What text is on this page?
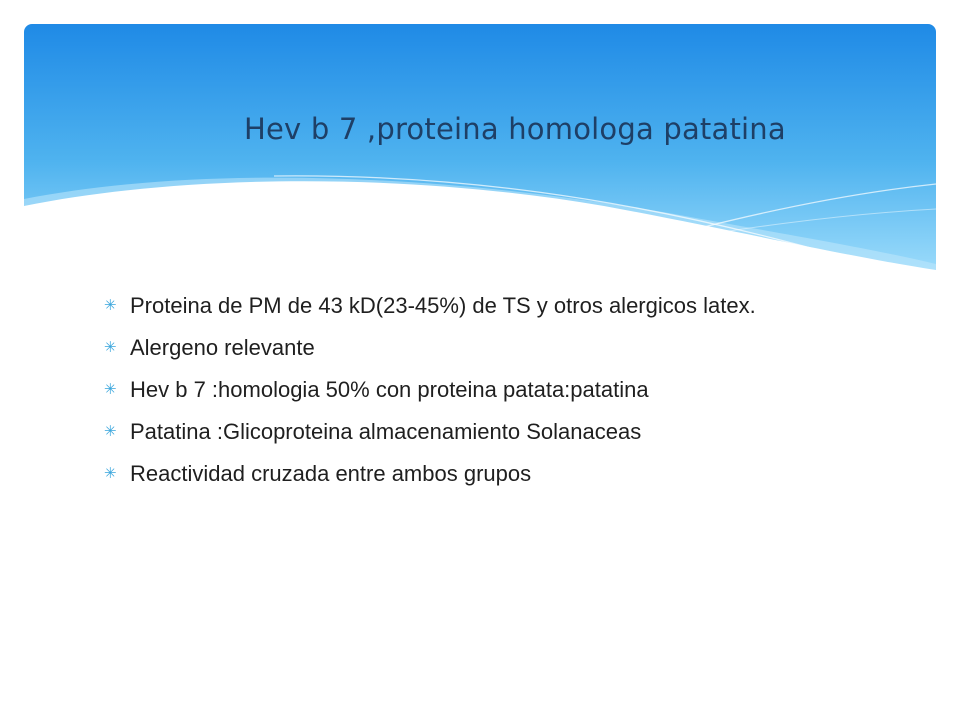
Hev b 7 ,proteina homologa patatina
✳ Proteina de PM de 43 kD(23-45%) de TS y otros alergicos latex.
✳ Alergeno relevante
✳ Hev b 7 :homologia 50% con proteina patata:patatina
✳ Patatina :Glicoproteina almacenamiento Solanaceas
✳ Reactividad cruzada entre ambos grupos
